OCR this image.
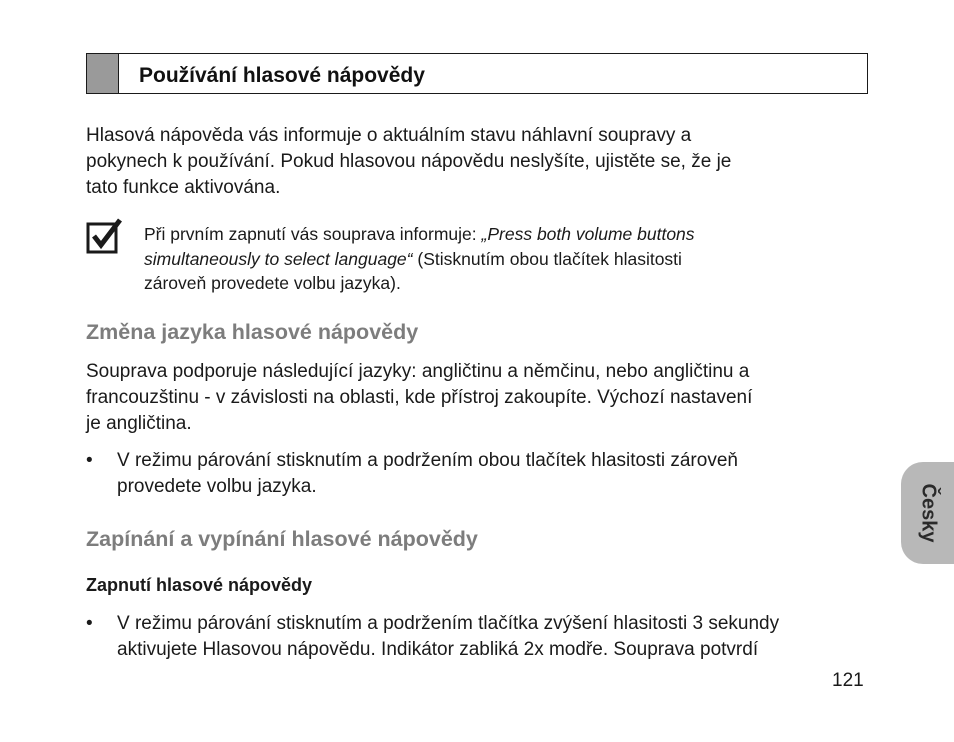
Používání hlasové nápovědy
Hlasová nápověda vás informuje o aktuálním stavu náhlavní soupravy a
pokynech k používání. Pokud hlasovou nápovědu neslyšíte, ujistěte se, že je
tato funkce aktivována.
Při prvním zapnutí vás souprava informuje: „Press both volume buttons
simultaneously to select language“ (Stisknutím obou tlačítek hlasitosti
zároveň provedete volbu jazyka).
Změna jazyka hlasové nápovědy
Souprava podporuje následující jazyky: angličtinu a němčinu, nebo angličtinu a
francouzštinu - v závislosti na oblasti, kde přístroj zakoupíte. Výchozí nastavení
je angličtina.
• V režimu párování stisknutím a podržením obou tlačítek hlasitosti zároveň
provedete volbu jazyka.
Zapínání a vypínání hlasové nápovědy
Zapnutí hlasové nápovědy
• V režimu párování stisknutím a podržením tlačítka zvýšení hlasitosti 3 sekundy
aktivujete Hlasovou nápovědu. Indikátor zabliká 2x modře. Souprava potvrdí
Česky
121
